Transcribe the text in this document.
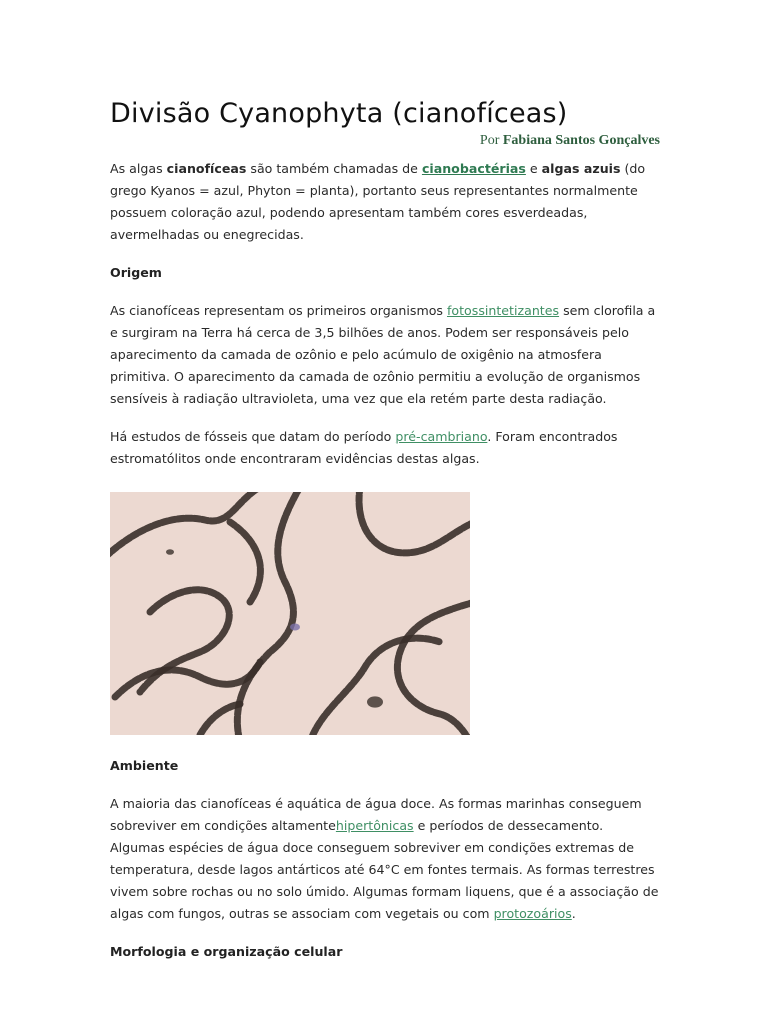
Divisão Cyanophyta (cianofíceas)
Por Fabiana Santos Gonçalves

As algas cianofíceas são também chamadas de cianobactérias e algas azuis (do grego Kyanos = azul, Phyton = planta), portanto seus representantes normalmente possuem coloração azul, podendo apresentam também cores esverdeadas, avermelhadas ou enegrecidas.

Origem

As cianofíceas representam os primeiros organismos fotossintetizantes sem clorofila a e surgiram na Terra há cerca de 3,5 bilhões de anos. Podem ser responsáveis pelo aparecimento da camada de ozônio e pelo acúmulo de oxigênio na atmosfera primitiva. O aparecimento da camada de ozônio permitiu a evolução de organismos sensíveis à radiação ultravioleta, uma vez que ela retém parte desta radiação.

Há estudos de fósseis que datam do período pré-cambriano. Foram encontrados estromatólitos onde encontraram evidências destas algas.

Ambiente

A maioria das cianofíceas é aquática de água doce. As formas marinhas conseguem sobreviver em condições altamentehipertônicas e períodos de dessecamento. Algumas espécies de água doce conseguem sobreviver em condições extremas de temperatura, desde lagos antárticos até 64°C em fontes termais. As formas terrestres vivem sobre rochas ou no solo úmido. Algumas formam liquens, que é a associação de algas com fungos, outras se associam com vegetais ou com protozoários.

Morfologia e organização celular
